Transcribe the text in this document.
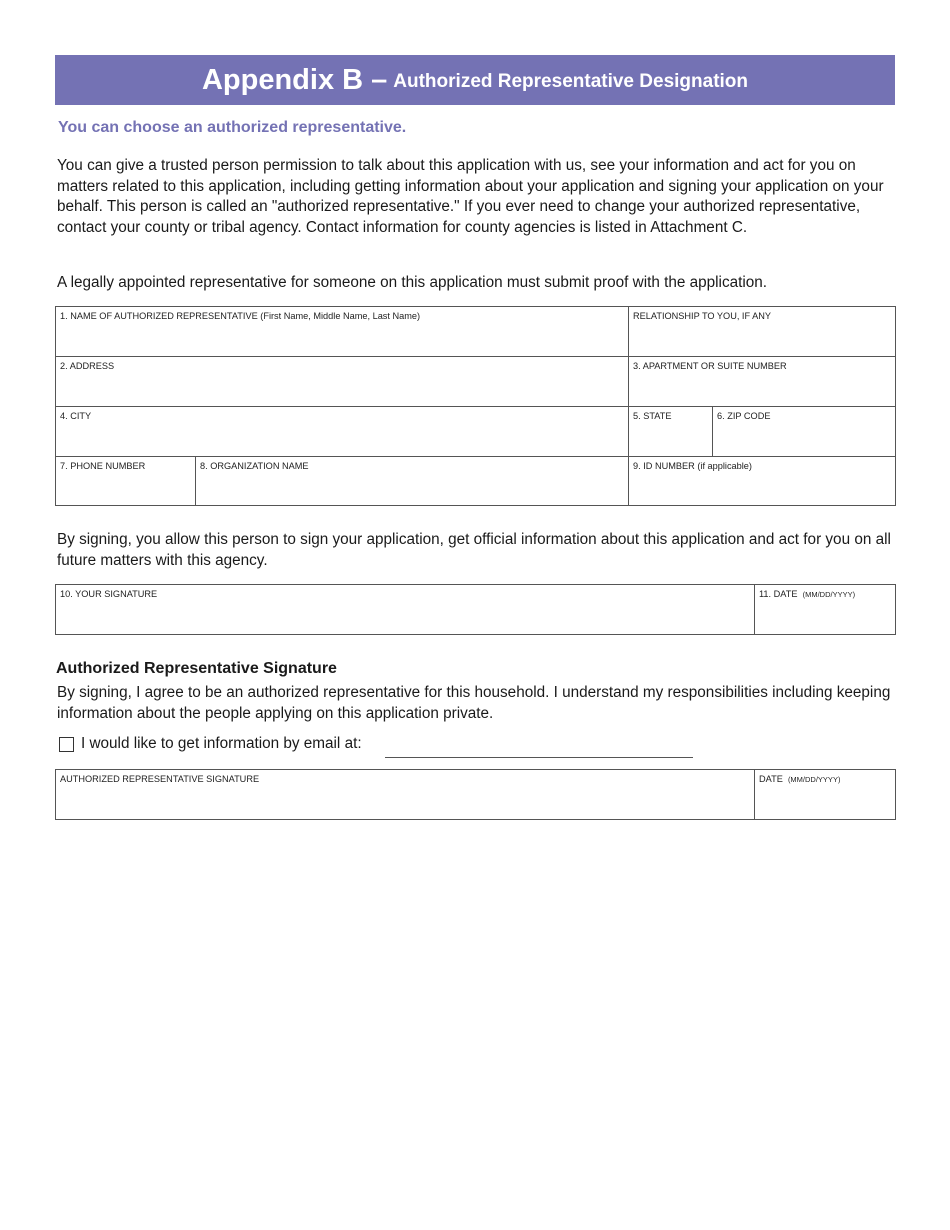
Appendix B – Authorized Representative Designation
You can choose an authorized representative.

You can give a trusted person permission to talk about this application with us, see your information and act for you on matters related to this application, including getting information about your application and signing your application on your behalf. This person is called an "authorized representative." If you ever need to change your authorized representative, contact your county or tribal agency. Contact information for county agencies is listed in Attachment C.

A legally appointed representative for someone on this application must submit proof with the application.

1. NAME OF AUTHORIZED REPRESENTATIVE (First Name, Middle Name, Last Name)		RELATIONSHIP TO YOU, IF ANY	
2. ADDRESS		3. APARTMENT OR SUITE NUMBER	
4. CITY		5. STATE	6. ZIP CODE
7. PHONE NUMBER	8. ORGANIZATION NAME	9. ID NUMBER (if applicable)	

By signing, you allow this person to sign your application, get official information about this application and act for you on all future matters with this agency.

10. YOUR SIGNATURE	11. DATE (MM/DD/YYYY)
Authorized Representative Signature

By signing, I agree to be an authorized representative for this household. I understand my responsibilities including keeping information about the people applying on this application private.

I would like to get information by email at:
AUTHORIZED REPRESENTATIVE SIGNATURE	DATE (MM/DD/YYYY)
